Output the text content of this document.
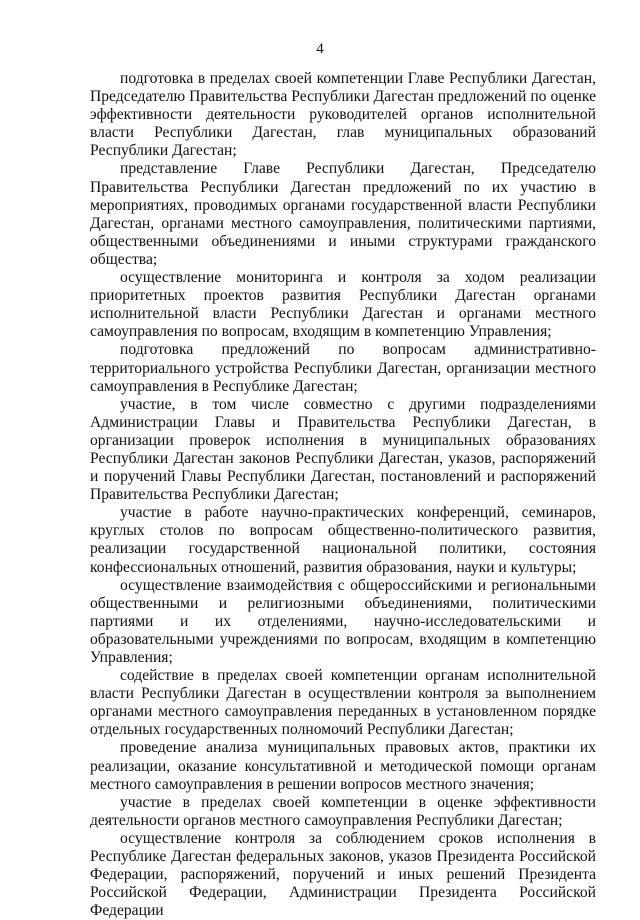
4

подготовка в пределах своей компетенции Главе Республики Дагестан, Председателю Правительства Республики Дагестан предложений по оценке эффективности деятельности руководителей органов исполнительной власти Республики Дагестан, глав муниципальных образований Республики Дагестан;

представление Главе Республики Дагестан, Председателю Правительства Республики Дагестан предложений по их участию в мероприятиях, проводимых органами государственной власти Республики Дагестан, органами местного самоуправления, политическими партиями, общественными объединениями и иными структурами гражданского общества;

осуществление мониторинга и контроля за ходом реализации приоритетных проектов развития Республики Дагестан органами исполнительной власти Республики Дагестан и органами местного самоуправления по вопросам, входящим в компетенцию Управления;

подготовка предложений по вопросам административно-территориального устройства Республики Дагестан, организации местного самоуправления в Республике Дагестан;

участие, в том числе совместно с другими подразделениями Администрации Главы и Правительства Республики Дагестан, в организации проверок исполнения в муниципальных образованиях Республики Дагестан законов Республики Дагестан, указов, распоряжений и поручений Главы Республики Дагестан, постановлений и распоряжений Правительства Республики Дагестан;

участие в работе научно-практических конференций, семинаров, круглых столов по вопросам общественно-политического развития, реализации государственной национальной политики, состояния конфессиональных отношений, развития образования, науки и культуры;

осуществление взаимодействия с общероссийскими и региональными общественными и религиозными объединениями, политическими партиями и их отделениями, научно-исследовательскими и образовательными учреждениями по вопросам, входящим в компетенцию Управления;

содействие в пределах своей компетенции органам исполнительной власти Республики Дагестан в осуществлении контроля за выполнением органами местного самоуправления переданных в установленном порядке отдельных государственных полномочий Республики Дагестан;

проведение анализа муниципальных правовых актов, практики их реализации, оказание консультативной и методической помощи органам местного самоуправления в решении вопросов местного значения;

участие в пределах своей компетенции в оценке эффективности деятельности органов местного самоуправления Республики Дагестан;

осуществление контроля за соблюдением сроков исполнения в Республике Дагестан федеральных законов, указов Президента Российской Федерации, распоряжений, поручений и иных решений Президента Российской Федерации, Администрации Президента Российской Федерации
